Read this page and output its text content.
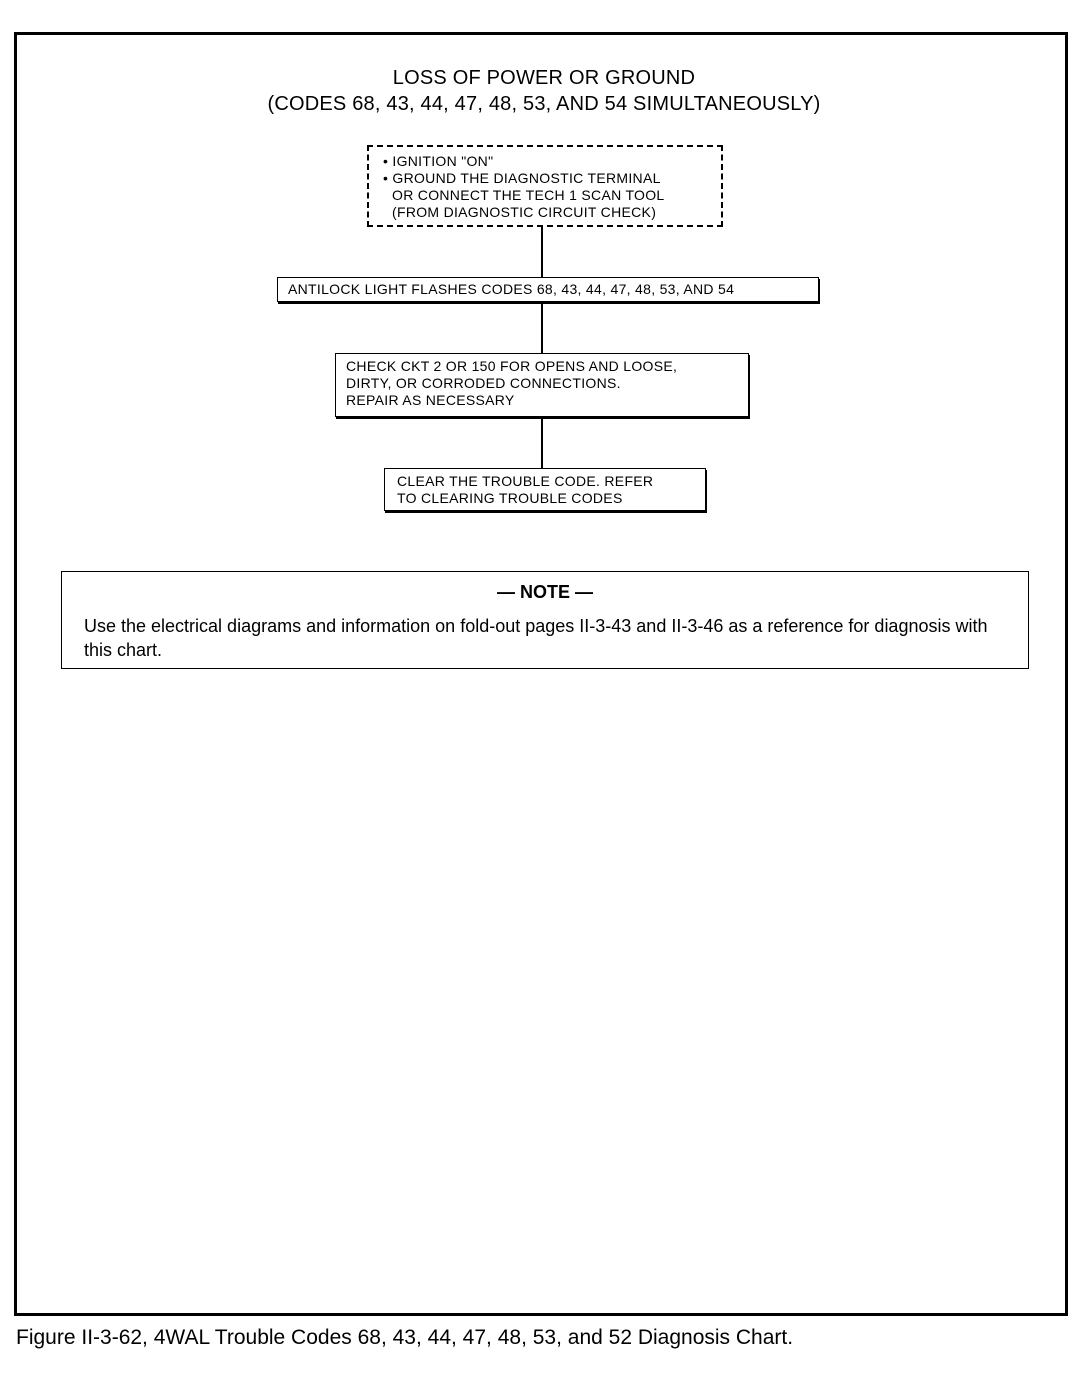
LOSS OF POWER OR GROUND
(CODES 68, 43, 44, 47, 48, 53, AND 54 SIMULTANEOUSLY)
• IGNITION "ON"
• GROUND THE DIAGNOSTIC TERMINAL
OR CONNECT THE TECH 1 SCAN TOOL
(FROM DIAGNOSTIC CIRCUIT CHECK)
ANTILOCK LIGHT FLASHES CODES 68, 43, 44, 47, 48, 53, AND 54
CHECK CKT 2 OR 150 FOR OPENS AND LOOSE,
DIRTY, OR CORRODED CONNECTIONS.
REPAIR AS NECESSARY
CLEAR THE TROUBLE CODE. REFER
TO CLEARING TROUBLE CODES
— NOTE —
Use the electrical diagrams and information on fold-out pages II-3-43 and II-3-46 as a reference for diagnosis with this chart.
Figure II-3-62, 4WAL Trouble Codes 68, 43, 44, 47, 48, 53, and 52 Diagnosis Chart.
